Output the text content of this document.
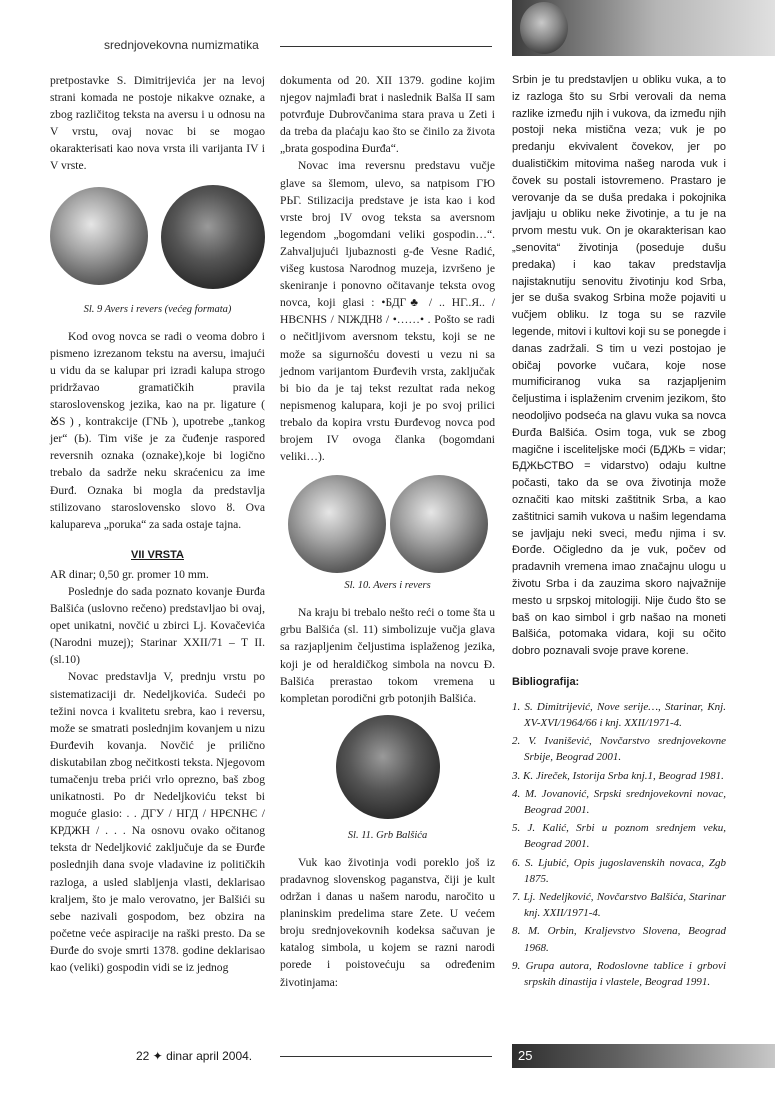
srednjovekovna numizmatika

pretpostavke S. Dimitrijevića jer na levoj strani komada ne postoje nikakve oznake, a zbog različitog teksta na aversu i u odnosu na V vrstu, ovaj novac bi se mogao okarakterisati kao nova vrsta ili varijanta IV i V vrste.

Sl. 9 Avers i revers (većeg formata)

Kod ovog novca se radi o veoma dobro i pismeno izrezanom tekstu na aversu, imajući u vidu da se kalupar pri izradi kalupa strogo pridržavao gramatičkih pravila staroslovenskog jezika, kao na pr. ligature ( ꙊS ) , kontrakcije (ГNЬ ), upotrebe „tankog jer“ (Ь). Tim više je za čuđenje raspored reversnih oznaka (oznake),koje bi logično trebalo da sadrže neku skraćenicu za ime Đurđ. Oznaka bi mogla da predstavlja stilizovano staroslovensko slovo ȣ. Ova kalupareva „poruka“ za sada ostaje tajna.

VII VRSTA

AR dinar; 0,50 gr. promer 10 mm.

Poslednje do sada poznato kovanje Đurđa Balšića (uslovno rečeno) predstavljao bi ovaj, opet unikatni, novčić u zbirci Lj. Kovačevića (Narodni muzej); Starinar XXII/71 – T II. (sl.10)

Novac predstavlja V, prednju vrstu po sistematizaciji dr. Nedeljkovića. Sudeći po težini novca i kvalitetu srebra, kao i reversu, može se smatrati poslednjim kovanjem u nizu Đurđevih kovanja. Novčić je prilično diskutabilan zbog nečitkosti teksta. Njegovom tumačenju treba prići vrlo oprezno, baš zbog unikatnosti. Po dr Nedeljkoviću tekst bi moguće glasio: . . ДГУ / НГД / НРЄNНЄ / КРДЖН / . . . Na osnovu ovako očitanog teksta dr Nedeljković zaključuje da se Đurđe poslednjih dana svoje vladavine iz političkih razloga, a usled slabljenja vlasti, deklarisao kraljem, što je malo verovatno, jer Balšići su sebe nazivali gospodom, bez obzira na početne veće aspiracije na raški presto. Da se Đurđe do svoje smrti 1378. godine deklarisao kao (veliki) gospodin vidi se iz jednog

dokumenta od 20. XII 1379. godine kojim njegov najmlađi brat i naslednik Balša II sam potvrđuje Dubrovčanima stara prava u Zeti i da treba da plaćaju kao što se činilo za života „brata gospodina Đurđa“.

Novac ima reversnu predstavu vučje glave sa šlemom, ulevo, sa natpisom ГЮ РЬГ. Stilizacija predstave je ista kao i kod vrste broj IV ovog teksta sa aversnom legendom „bogomdani veliki gospodin…“. Zahvaljujući ljubaznosti g-đe Vesne Radić, višeg kustosa Narodnog muzeja, izvršeno je skeniranje i ponovno očitavanje teksta ovog novca, koji glasi : •БДГ♣ / .. НГ..Я.. / НВЄNНS / NІЖДНȣ / •……• . Pošto se radi o nečitljivom aversnom tekstu, koji se ne može sa sigurnošću dovesti u vezu ni sa jednom varijantom Đurđevih vrsta, zaključak bi bio da je taj tekst rezultat rada nekog nepismenog kalupara, koji je po svoj prilici trebalo da kopira vrstu Đurđevog novca pod brojem IV ovoga članka (bogomdani veliki…).

Sl. 10. Avers i revers

Na kraju bi trebalo nešto reći o tome šta u grbu Balšića (sl. 11) simbolizuje vučja glava sa razjapljenim čeljustima isplaženog jezika, koji je od heraldičkog simbola na novcu Đ. Balšića prerastao tokom vremena u kompletan porodični grb potonjih Balšića.

Sl. 11. Grb Balšića

Vuk kao životinja vodi poreklo još iz pradavnog slovenskog paganstva, čiji je kult održan i danas u našem narodu, naročito u planinskim predelima stare Zete. U većem broju srednjovekovnih kodeksa sačuvan je katalog simbola, u kojem se razni narodi porede i poistovećuju sa određenim životinjama:

Srbin je tu predstavljen u obliku vuka, a to iz razloga što su Srbi verovali da nema razlike između njih i vukova, da između njih postoji neka mistična veza; vuk je po predanju ekvivalent čovekov, jer po dualističkim mitovima našeg naroda vuk i čovek su postali istovremeno. Prastaro je verovanje da se duša predaka i pokojnika javljaju u obliku neke životinje, a tu je na prvom mestu vuk. On je okarakterisan kao „senovita“ životinja (poseduje dušu predaka) i kao takav predstavlja najistaknutiju senovitu životinju kod Srba, jer se duša svakog Srbina može pojaviti u vučjem obliku. Iz toga su se razvile legende, mitovi i kultovi koji su se ponegde i danas zadržali. S tim u vezi postojao je običaj povorke vučara, koje nose mumificiranog vuka sa razjapljenim čeljustima i isplaženim crvenim jezikom, što neodoljivo podseća na glavu vuka sa novca Đurđa Balšića. Osim toga, vuk se zbog magične i isceliteljske moći (БДЖЬ = vidar; БДЖЬСТВО = vidarstvo) odaju kultne počasti, tako da se ova životinja može označiti kao mitski zaštitnik Srba, a kao zaštitnici samih vukova u našim legendama se javljaju neki sveci, među njima i sv. Đorđe. Očigledno da je vuk, počev od pradavnih vremena imao značajnu ulogu u životu Srba i da zauzima skoro najvažnije mesto u srpskoj mitologiji. Nije čudo što se baš on kao simbol i grb našao na moneti Balšića, potomaka vidara, koji su očito dobro poznavali svoje prave korene.

Bibliografija:
1. S. Dimitrijević, Nove serije…, Starinar, Knj. XV-XVI/1964/66 i knj. XXII/1971-4.
2. V. Ivanišević, Novčarstvo srednjovekovne Srbije, Beograd 2001.
3. K. Jireček, Istorija Srba knj.1, Beograd 1981.
4. M. Jovanović, Srpski srednjovekovni novac, Beograd 2001.
5. J. Kalić, Srbi u poznom srednjem veku, Beograd 2001.
6. S. Ljubić, Opis jugoslavenskih novaca, Zgb 1875.
7. Lj. Nedeljković, Novčarstvo Balšića, Starinar knj. XXII/1971-4.
8. M. Orbin, Kraljevstvo Slovena, Beograd 1968.
9. Grupa autora, Rodoslovne tablice i grbovi srpskih dinastija i vlastele, Beograd 1991.
22 ✦ dinar april 2004.	25
